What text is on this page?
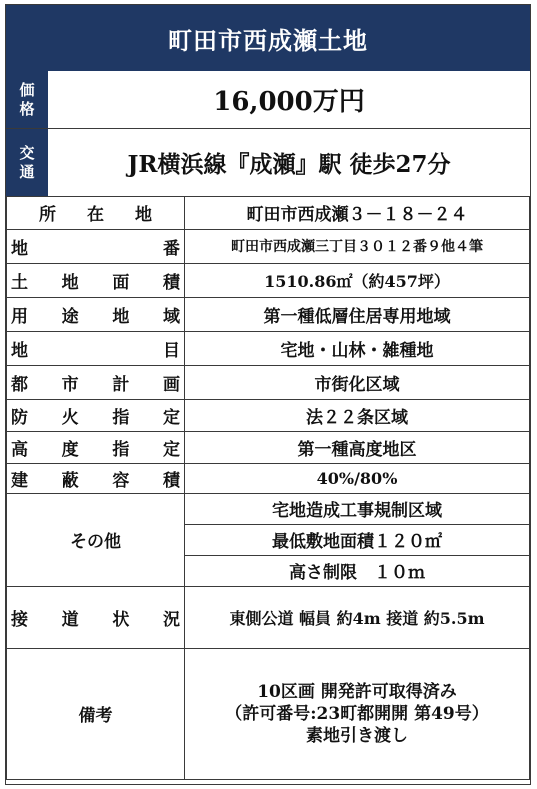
町田市西成瀬土地
価
格	16,000万円
交
通	JR横浜線『成瀬』駅 徒歩27分
所 在 地	町田市西成瀬３－１８－２４

地 番	町田市西成瀬三丁目３０１２番９他４筆

土 地 面 積	1510.86㎡（約457坪）

用 途 地 域	第一種低層住居専用地域

地 目	宅地・山林・雑種地

都 市 計 画	市街化区域

防 火 指 定	法２２条区域

高 度 指 定	第一種高度地区

建 蔽 容 積	40%/80%
その他	宅地造成工事規制区域
	最低敷地面積１２０㎡
	高さ制限　１０ｍ

接 道 状 況	東側公道 幅員 約4m 接道 約5.5m
備考	10区画 開発許可取得済み
（許可番号:23町都開開 第49号）
素地引き渡し
